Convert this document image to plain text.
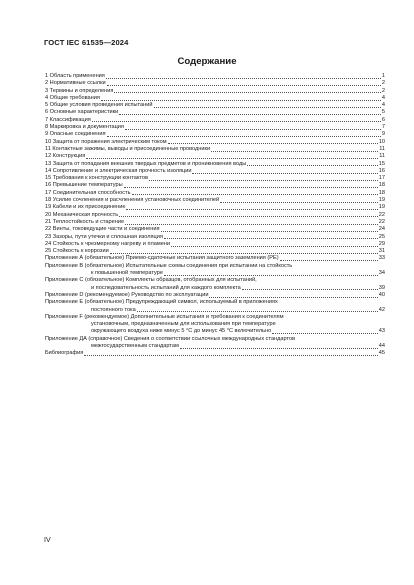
ГОСТ IEC 61535—2024
Содержание
1 Область применения	1
2 Нормативные ссылки	2
3 Термины и определения	2
4 Общие требования	4
5 Общие условия проведения испытаний	4
6 Основные характеристики	5
7 Классификация	6
8 Маркировка и документация	7
9 Опасные соединения	9
10 Защита от поражения электрическим током	10
11 Контактные зажимы, выводы и присоединенные проводники	11
12 Конструкция	11
13 Защита от попадания внешних твердых предметов и проникновения воды	15
14 Сопротивление и электрическая прочность изоляции	16
15 Требования к конструкции контактов	17
16 Превышение температуры	18
17 Соединительная способность	18
18 Усилие сочленения и расчленения установочных соединителей	19
19 Кабели и их присоединение	19
20 Механическая прочность	22
21 Теплостойкость и старение	22
22 Винты, токоведущие части и соединения	24
23 Зазоры, пути утечки и сплошная изоляция	25
24 Стойкость к чрезмерному нагреву и пламени	29
25 Стойкость к коррозии	31
Приложение А (обязательное) Приемо-сдаточные испытания защитного заземления (РЕ)	33
Приложение В (обязательное) Испытательные схемы соединения при испытании на стойкость
к повышенной температуре	34
Приложение С (обязательное) Комплекты образцов, отобранных для испытаний,
и последовательность испытаний для каждого комплекта	39
Приложение D (рекомендуемое) Руководство по эксплуатации	40
Приложение Е (обязательное) Предупреждающий символ, используемый в приложениях
постоянного тока	42
Приложение F (рекомендуемое) Дополнительные испытания и требования к соединителям
установочным, предназначенным для использования при температуре
окружающего воздуха ниже минус 5 °С до минус 45 °С включительно	43
Приложение ДА (справочное) Сведения о соответствии ссылочных международных стандартов
межгосударственным стандартам	44
Библиография	45
IV
